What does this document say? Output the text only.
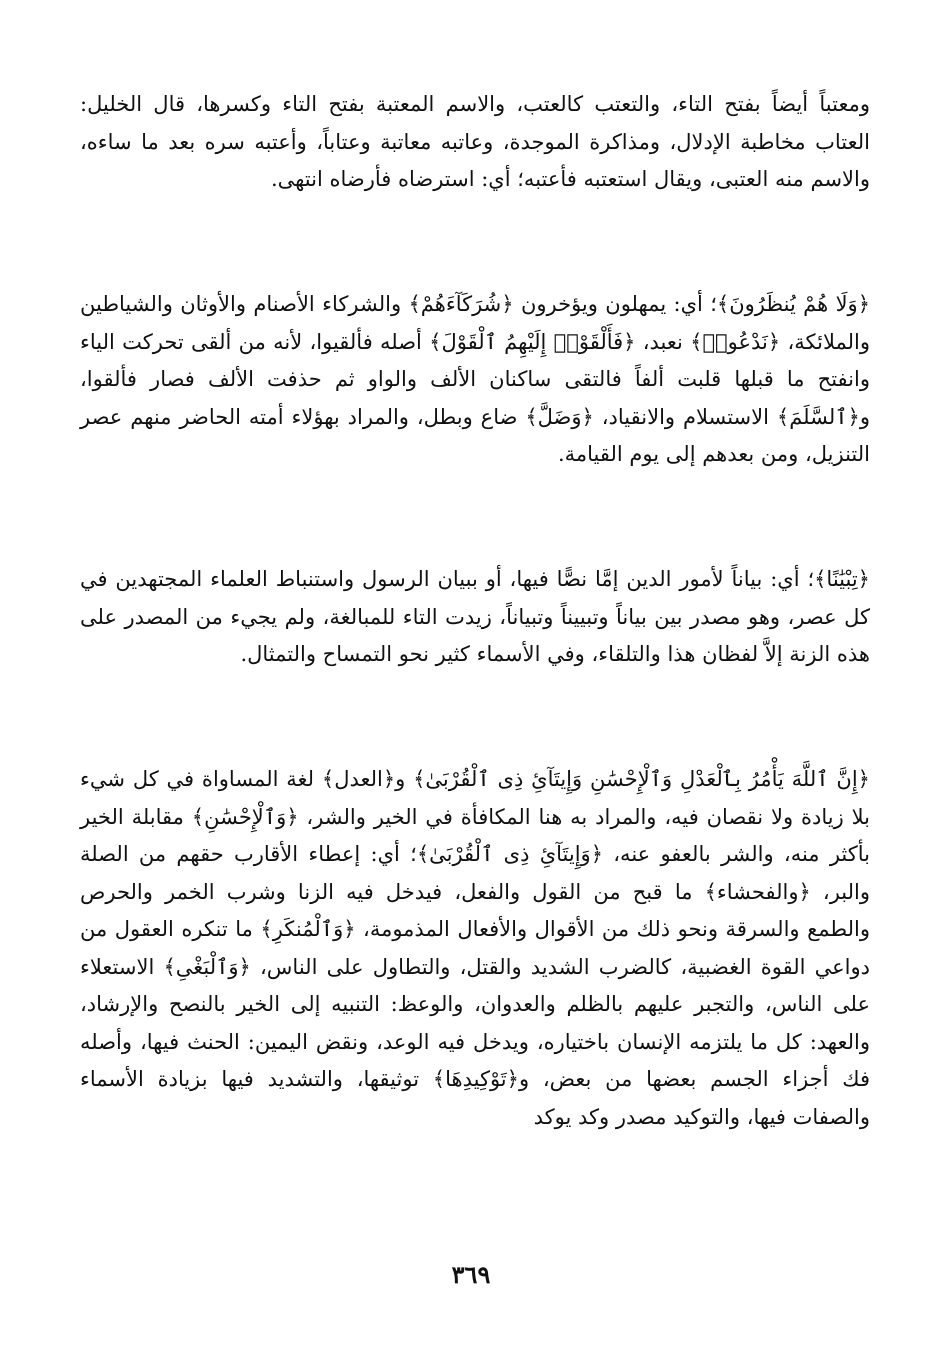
ومعتباً أيضاً بفتح التاء، والتعتب كالعتب، والاسم المعتبة بفتح التاء وكسرها، قال الخليل: العتاب مخاطبة الإدلال، ومذاكرة الموجدة، وعاتبه معاتبة وعتاباً، وأعتبه سره بعد ما ساءه، والاسم منه العتبى، ويقال استعتبه فأعتبه؛ أي: استرضاه فأرضاه انتهى.

﴿وَلَا هُمْ يُنظَرُونَ﴾؛ أي: يمهلون ويؤخرون ﴿شُرَكَآءَهُمْ﴾ والشركاء الأصنام والأوثان والشياطين والملائكة، ﴿نَدْعُوا۟﴾ نعبد، ﴿فَأَلْقَوْا۟ إِلَيْهِمُ ٱلْقَوْلَ﴾ أصله فألقيوا، لأنه من ألقى تحركت الياء وانفتح ما قبلها قلبت ألفاً فالتقى ساكنان الألف والواو ثم حذفت الألف فصار فألقوا، و﴿ٱلسَّلَمَ﴾ الاستسلام والانقياد، ﴿وَضَلَّ﴾ ضاع وبطل، والمراد بهؤلاء أمته الحاضر منهم عصر التنزيل، ومن بعدهم إلى يوم القيامة.

﴿تِبْيَٰنًا﴾؛ أي: بياناً لأمور الدين إمَّا نصًّا فيها، أو ببيان الرسول واستنباط العلماء المجتهدين في كل عصر، وهو مصدر بين بياناً وتبييناً وتبياناً، زيدت التاء للمبالغة، ولم يجيء من المصدر على هذه الزنة إلاَّ لفظان هذا والتلقاء، وفي الأسماء كثير نحو التمساح والتمثال.

﴿إِنَّ ٱللَّهَ يَأْمُرُ بِٱلْعَدْلِ وَٱلْإِحْسَٰنِ وَإِيتَآئِ ذِى ٱلْقُرْبَىٰ﴾ و﴿العدل﴾ لغة المساواة في كل شيء بلا زيادة ولا نقصان فيه، والمراد به هنا المكافأة في الخير والشر، ﴿وَٱلْإِحْسَٰنِ﴾ مقابلة الخير بأكثر منه، والشر بالعفو عنه، ﴿وَإِيتَآئِ ذِى ٱلْقُرْبَىٰ﴾؛ أي: إعطاء الأقارب حقهم من الصلة والبر، ﴿والفحشاء﴾ ما قبح من القول والفعل، فيدخل فيه الزنا وشرب الخمر والحرص والطمع والسرقة ونحو ذلك من الأقوال والأفعال المذمومة، ﴿وَٱلْمُنكَرِ﴾ ما تنكره العقول من دواعي القوة الغضبية، كالضرب الشديد والقتل، والتطاول على الناس، ﴿وَٱلْبَغْىِ﴾ الاستعلاء على الناس، والتجبر عليهم بالظلم والعدوان، والوعظ: التنبيه إلى الخير بالنصح والإرشاد، والعهد: كل ما يلتزمه الإنسان باختياره، ويدخل فيه الوعد، ونقض اليمين: الحنث فيها، وأصله فك أجزاء الجسم بعضها من بعض، و﴿تَوْكِيدِهَا﴾ توثيقها، والتشديد فيها بزيادة الأسماء والصفات فيها، والتوكيد مصدر وكد يوكد

٣٦٩
